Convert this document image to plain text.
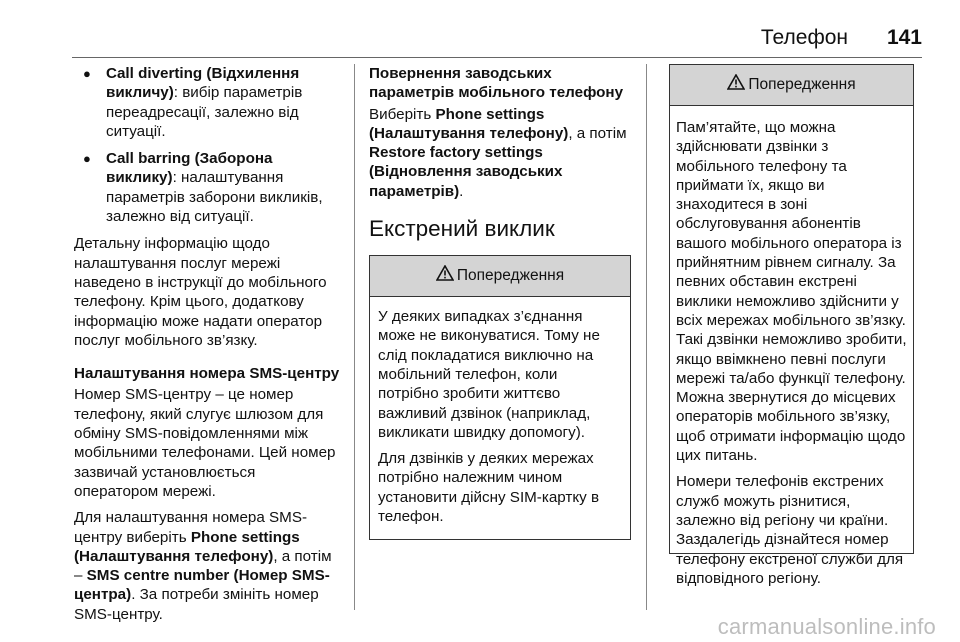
Телефон 141
● Call diverting (Відхилення викличу): вибір параметрів переадресації, залежно від ситуації.
● Call barring (Заборона виклику): налаштування параметрів заборони викликів, залежно від ситуації.

Детальну інформацію щодо налаштування послуг мережі наведено в інструкції до мобільного телефону. Крім цього, додаткову інформацію може надати оператор послуг мобільного зв’язку.

Налаштування номера SMS-центру

Номер SMS-центру – це номер телефону, який слугує шлюзом для обміну SMS-повідомленнями між мобільними телефонами. Цей номер зазвичай установлюється оператором мережі.

Для налаштування номера SMS-центру виберіть Phone settings (Налаштування телефону), а потім – SMS centre number (Номер SMS-центра). За потреби змініть номер SMS-центру.

Повернення заводських параметрів мобільного телефону

Виберіть Phone settings (Налаштування телефону), а потім Restore factory settings (Відновлення заводських параметрів).

Екстрений виклик
Попередження

У деяких випадках з’єднання може не виконуватися. Тому не слід покладатися виключно на мобільний телефон, коли потрібно зробити життєво важливий дзвінок (наприклад, викликати швидку допомогу).

Для дзвінків у деяких мережах потрібно належним чином установити дійсну SIM-картку в телефон.

Попередження

Пам’ятайте, що можна здійснювати дзвінки з мобільного телефону та приймати їх, якщо ви знаходитеся в зоні обслуговування абонентів вашого мобільного оператора із прийнятним рівнем сигналу. За певних обставин екстрені виклики неможливо здійснити у всіх мережах мобільного зв’язку. Такі дзвінки неможливо зробити, якщо ввімкнено певні послуги мережі та/або функції телефону. Можна звернутися до місцевих операторів мобільного зв’язку, щоб отримати інформацію щодо цих питань.

Номери телефонів екстрених служб можуть різнитися, залежно від регіону чи країни. Заздалегідь дізнайтеся номер телефону екстреної служби для відповідного регіону.

carmanualsonline.info
